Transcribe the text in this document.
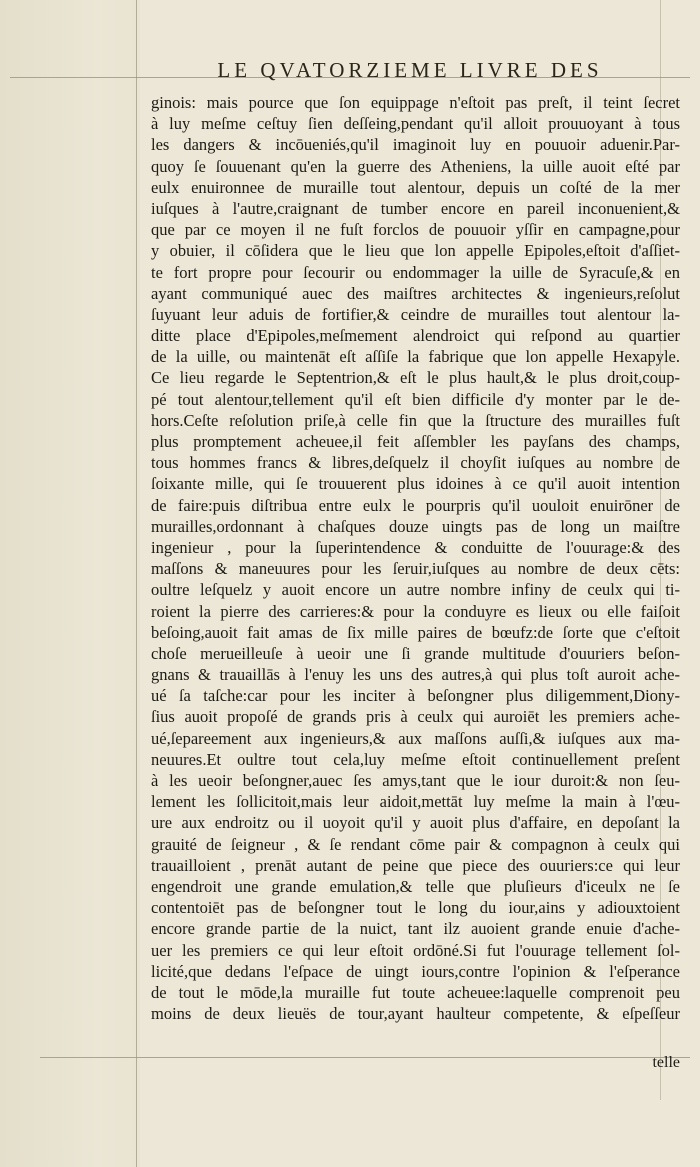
LE QVATORZIEME LIVRE DES
ginois: mais pource que ſon equippage n'eſtoit pas preſt, il teint ſecret
à luy meſme ceſtuy ſien deſſeing,pendant qu'il alloit prouuoyant à tous
les dangers & incōueniés,qu'il imaginoit luy en pouuoir aduenir.Par-
quoy ſe ſouuenant qu'en la guerre des Atheniens, la uille auoit eſté par
eulx enuironnee de muraille tout alentour, depuis un coſté de la mer
iuſques à l'autre,craignant de tumber encore en pareil inconuenient,&
que par ce moyen il ne fuſt forclos de pouuoir yſſir en campagne,pour
y obuier, il cōſidera que le lieu que lon appelle Epipoles,eſtoit d'aſſiet-
te fort propre pour ſecourir ou endommager la uille de Syracuſe,& en
ayant communiqué auec des maiſtres architectes & ingenieurs,reſolut
ſuyuant leur aduis de fortifier,& ceindre de murailles tout alentour la-
ditte place d'Epipoles,meſmement alendroict qui reſpond au quartier
de la uille, ou maintenāt eſt aſſiſe la fabrique que lon appelle Hexapyle.
Ce lieu regarde le Septentrion,& eſt le plus hault,& le plus droit,coup-
pé tout alentour,tellement qu'il eſt bien difficile d'y monter par le de-
hors.Ceſte reſolution priſe,à celle fin que la ſtructure des murailles fuſt
plus promptement acheuee,il feit aſſembler les payſans des champs,
tous hommes francs & libres,deſquelz il choyſit iuſques au nombre de
ſoixante mille, qui ſe trouuerent plus idoines à ce qu'il auoit intention
de faire:puis diſtribua entre eulx le pourpris qu'il uouloit enuirōner de
murailles,ordonnant à chaſques douze uingts pas de long un maiſtre
ingenieur , pour la ſuperintendence & conduitte de l'ouurage:& des
maſſons & maneuures pour les ſeruir,iuſques au nombre de deux cēts:
oultre leſquelz y auoit encore un autre nombre infiny de ceulx qui ti-
roient la pierre des carrieres:& pour la conduyre es lieux ou elle faiſoit
beſoing,auoit fait amas de ſix mille paires de bœufz:de ſorte que c'eſtoit
choſe merueilleuſe à ueoir une ſi grande multitude d'ouuriers beſon-
gnans & trauaillās à l'enuy les uns des autres,à qui plus toſt auroit ache-
ué ſa taſche:car pour les inciter à beſongner plus diligemment,Diony-
ſius auoit propoſé de grands pris à ceulx qui auroiēt les premiers ache-
ué,ſepareement aux ingenieurs,& aux maſſons auſſi,& iuſques aux ma-
neuures.Et oultre tout cela,luy meſme eſtoit continuellement preſent
à les ueoir beſongner,auec ſes amys,tant que le iour duroit:& non ſeu-
lement les ſollicitoit,mais leur aidoit,mettāt luy meſme la main à l'œu-
ure aux endroitz ou il uoyoit qu'il y auoit plus d'affaire, en depoſant la
grauité de ſeigneur , & ſe rendant cōme pair & compagnon à ceulx qui
trauailloient , prenāt autant de peine que piece des ouuriers:ce qui leur
engendroit une grande emulation,& telle que pluſieurs d'iceulx ne ſe
contentoiēt pas de beſongner tout le long du iour,ains y adiouxtoient
encore grande partie de la nuict, tant ilz auoient grande enuie d'ache-
uer les premiers ce qui leur eſtoit ordōné.Si fut l'ouurage tellement ſol-
licité,que dedans l'eſpace de uingt iours,contre l'opinion & l'eſperance
de tout le mōde,la muraille fut toute acheuee:laquelle comprenoit peu
moins de deux lieuës de tour,ayant haulteur competente, & eſpeſſeur
telle
